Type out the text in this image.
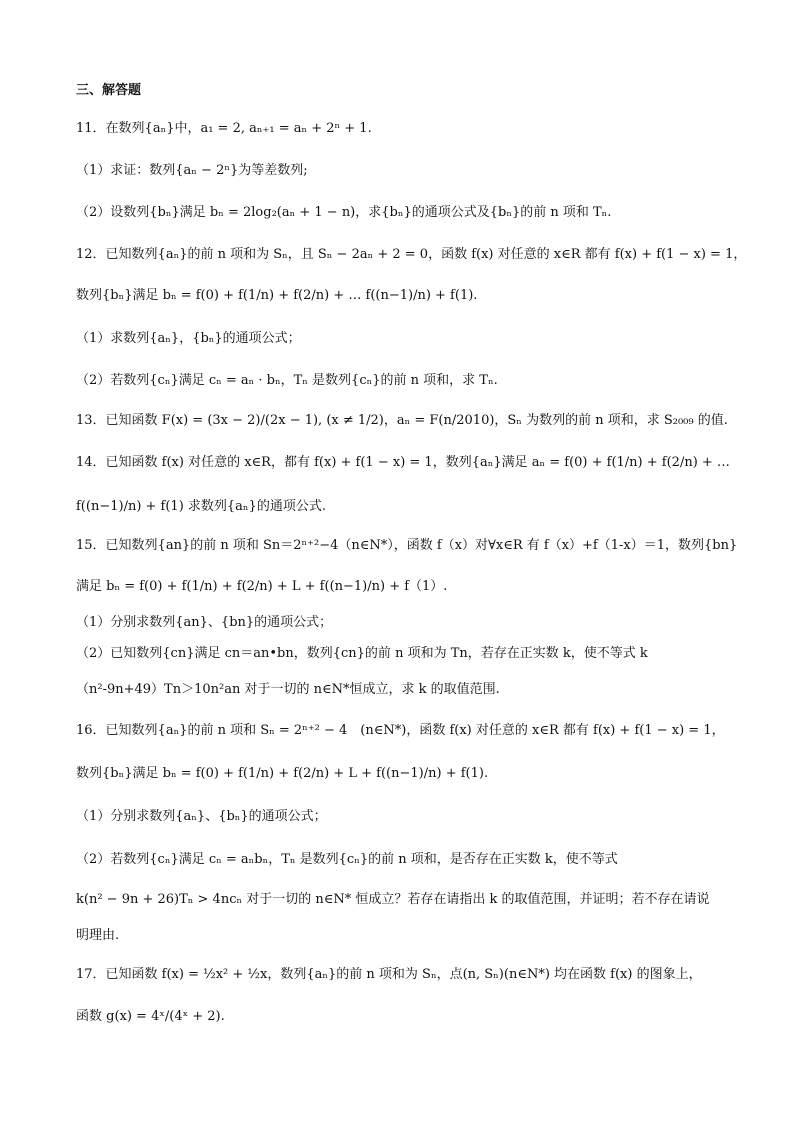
三、解答题
11．在数列{aₙ}中，a₁ = 2, aₙ₊₁ = aₙ + 2ⁿ + 1.
（1）求证：数列{aₙ − 2ⁿ}为等差数列;
（2）设数列{bₙ}满足 bₙ = 2log₂(aₙ + 1 − n)，求{bₙ}的通项公式及{bₙ}的前 n 项和 Tₙ.
12．已知数列{aₙ}的前 n 项和为 Sₙ，且 Sₙ − 2aₙ + 2 = 0，函数 f(x) 对任意的 x∈R 都有 f(x) + f(1 − x) = 1，
数列{bₙ}满足 bₙ = f(0) + f(1/n) + f(2/n) + … f((n−1)/n) + f(1).
（1）求数列{aₙ}，{bₙ}的通项公式；
（2）若数列{cₙ}满足 cₙ = aₙ · bₙ，Tₙ 是数列{cₙ}的前 n 项和，求 Tₙ.
13．已知函数 F(x) = (3x − 2)/(2x − 1), (x ≠ 1/2)，aₙ = F(n/2010)，Sₙ 为数列的前 n 项和，求 S₂₀₀₉ 的值.
14．已知函数 f(x) 对任意的 x∈R，都有 f(x) + f(1 − x) = 1，数列{aₙ}满足 aₙ = f(0) + f(1/n) + f(2/n) + …
f((n−1)/n) + f(1) 求数列{aₙ}的通项公式.
15．已知数列{an}的前 n 项和 Sn＝2ⁿ⁺²−4（n∈N*），函数 f（x）对∀x∈R 有 f（x）+f（1-x）＝1，数列{bn}
满足 bₙ = f(0) + f(1/n) + f(2/n) + L + f((n−1)/n) + f（1）.
（1）分别求数列{an}、{bn}的通项公式；
（2）已知数列{cn}满足 cn＝an•bn，数列{cn}的前 n 项和为 Tn，若存在正实数 k，使不等式 k
（n²-9n+49）Tn＞10n²an 对于一切的 n∈N*恒成立，求 k 的取值范围.
16．已知数列{aₙ}的前 n 项和 Sₙ = 2ⁿ⁺² − 4　(n∈N*)，函数 f(x) 对任意的 x∈R 都有 f(x) + f(1 − x) = 1，
数列{bₙ}满足 bₙ = f(0) + f(1/n) + f(2/n) + L + f((n−1)/n) + f(1).
（1）分别求数列{aₙ}、{bₙ}的通项公式；
（2）若数列{cₙ}满足 cₙ = aₙbₙ，Tₙ 是数列{cₙ}的前 n 项和，是否存在正实数 k，使不等式
k(n² − 9n + 26)Tₙ > 4ncₙ 对于一切的 n∈N* 恒成立？若存在请指出 k 的取值范围，并证明；若不存在请说
明理由.
17．已知函数 f(x) = ½x² + ½x，数列{aₙ}的前 n 项和为 Sₙ，点(n, Sₙ)(n∈N*) 均在函数 f(x) 的图象上，
函数 g(x) = 4ˣ/(4ˣ + 2).
